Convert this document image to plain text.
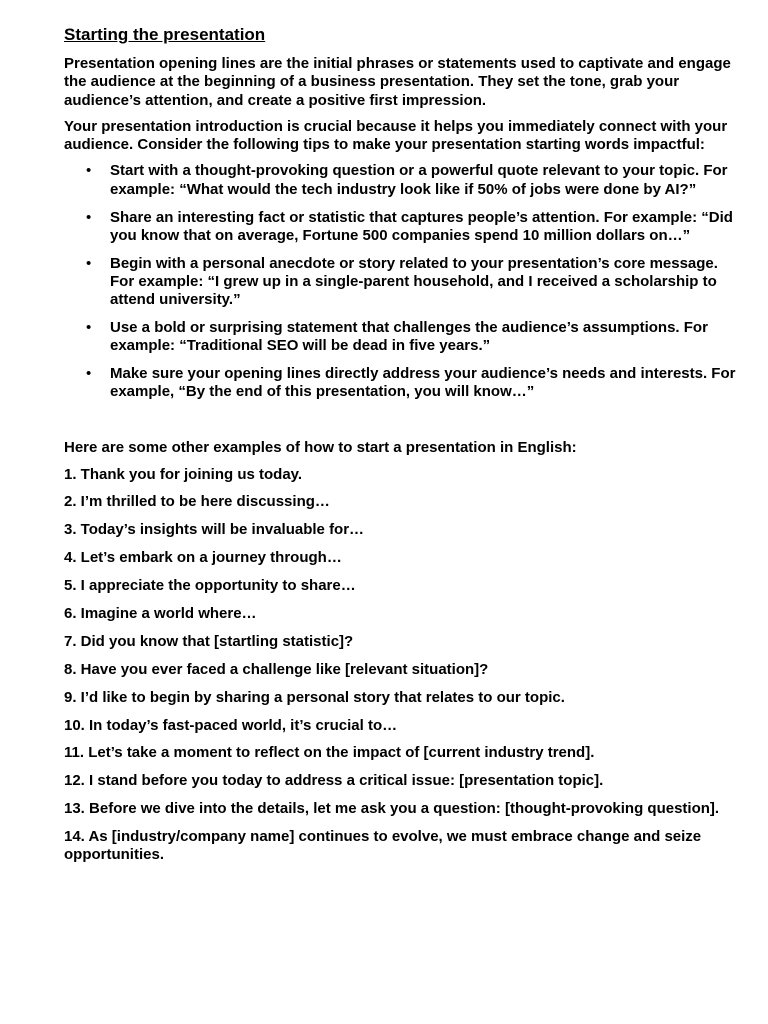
Starting the presentation

Presentation opening lines are the initial phrases or statements used to captivate and engage the audience at the beginning of a business presentation. They set the tone, grab your audience’s attention, and create a positive first impression.

Your presentation introduction is crucial because it helps you immediately connect with your audience. Consider the following tips to make your presentation starting words impactful:

• Start with a thought-provoking question or a powerful quote relevant to your topic. For example: “What would the tech industry look like if 50% of jobs were done by AI?”
• Share an interesting fact or statistic that captures people’s attention. For example: “Did you know that on average, Fortune 500 companies spend 10 million dollars on…”
• Begin with a personal anecdote or story related to your presentation’s core message. For example: “I grew up in a single-parent household, and I received a scholarship to attend university.”
• Use a bold or surprising statement that challenges the audience’s assumptions. For example: “Traditional SEO will be dead in five years.”
• Make sure your opening lines directly address your audience’s needs and interests. For example, “By the end of this presentation, you will know…”

Here are some other examples of how to start a presentation in English:

1. Thank you for joining us today.
2. I’m thrilled to be here discussing…
3. Today’s insights will be invaluable for…
4. Let’s embark on a journey through…
5. I appreciate the opportunity to share…
6. Imagine a world where…
7. Did you know that [startling statistic]?
8. Have you ever faced a challenge like [relevant situation]?
9. I’d like to begin by sharing a personal story that relates to our topic.
10. In today’s fast-paced world, it’s crucial to…
11. Let’s take a moment to reflect on the impact of [current industry trend].
12. I stand before you today to address a critical issue: [presentation topic].
13. Before we dive into the details, let me ask you a question: [thought-provoking question].
14. As [industry/company name] continues to evolve, we must embrace change and seize opportunities.
